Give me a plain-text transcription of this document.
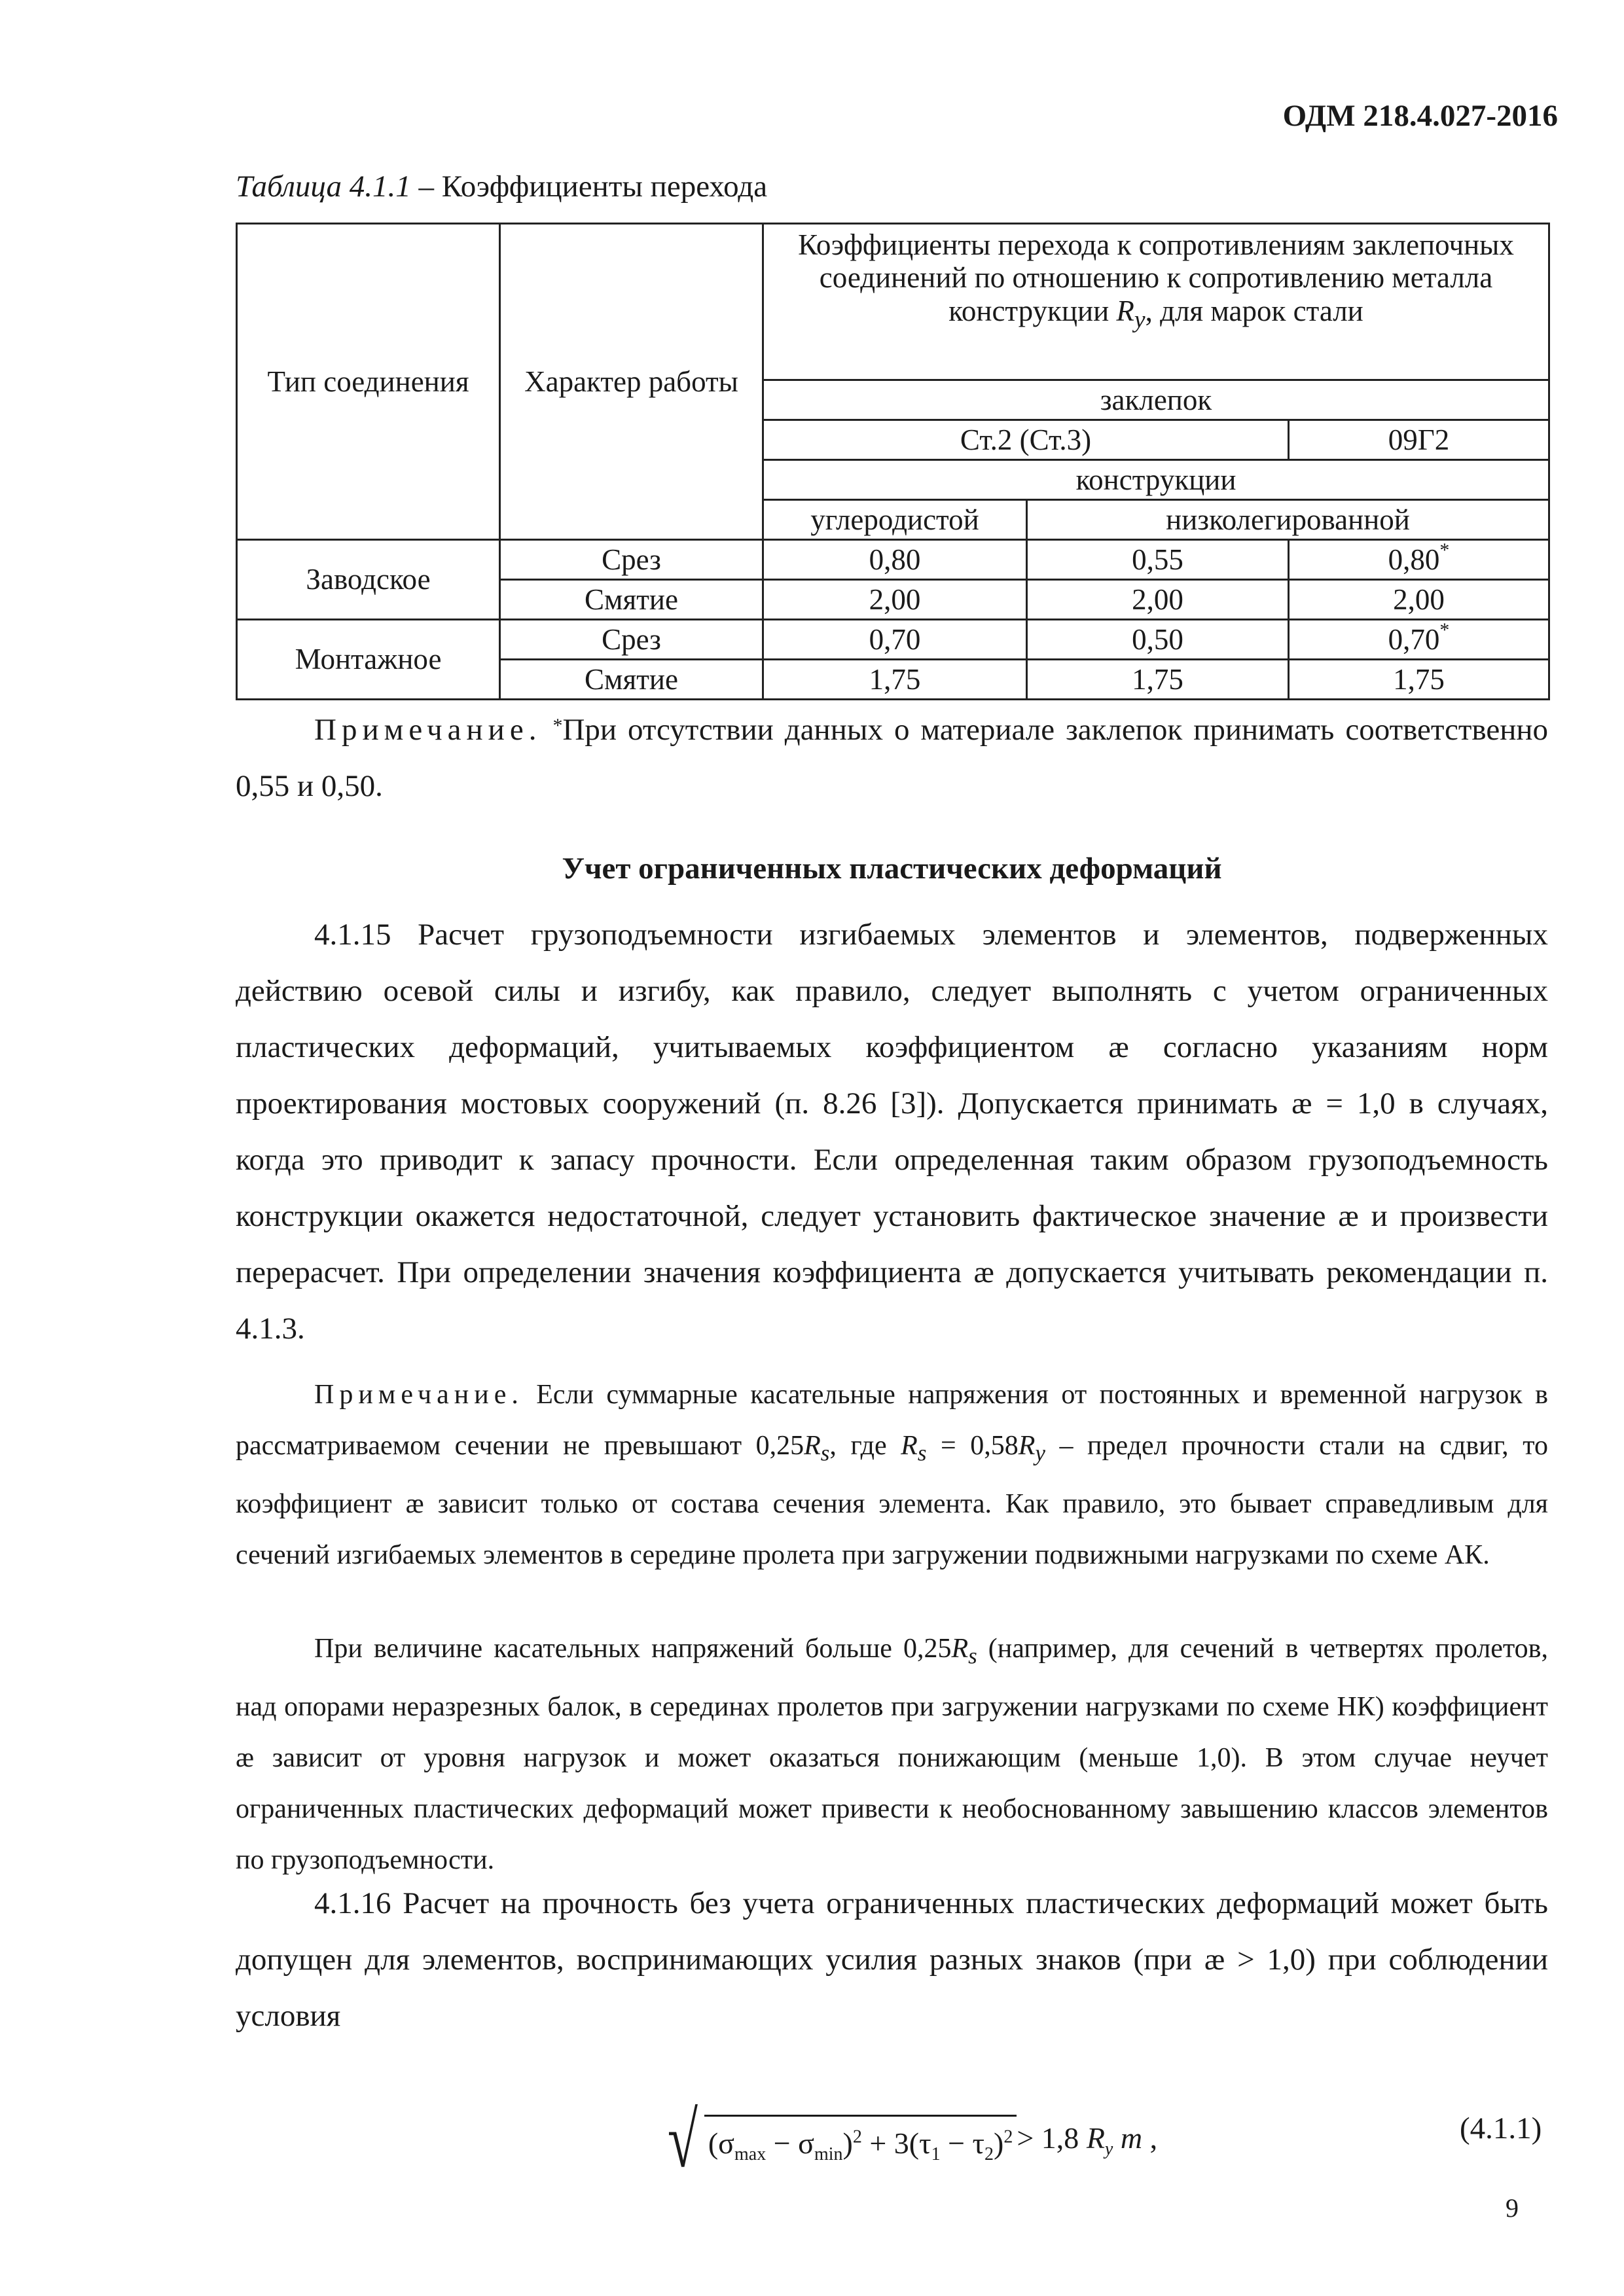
ОДМ 218.4.027-2016
Таблица 4.1.1 – Коэффициенты перехода
Тип соединения	Характер работы	Коэффициенты перехода к сопротивлениям заклепочных соединений по отношению к сопротивлению металла конструкции $R_y$, для марок стали		
		заклепок		
		Ст.2 (Ст.3)		09Г2
		конструкции		
		углеродистой	низколегированной	
Заводское	Срез	0,80	0,55	0,80*
	Смятие	2,00	2,00	2,00
Монтажное	Срез	0,70	0,50	0,70*
	Смятие	1,75	1,75	1,75
Примечание. *При отсутствии данных о материале заклепок принимать соответственно 0,55 и 0,50.
Учет ограниченных пластических деформаций
4.1.15 Расчет грузоподъемности изгибаемых элементов и элементов, подверженных действию осевой силы и изгибу, как правило, следует выполнять с учетом ограниченных пластических деформаций, учитываемых коэффициентом æ согласно указаниям норм проектирования мостовых сооружений (п. 8.26 [3]). Допускается принимать æ = 1,0 в случаях, когда это приводит к запасу прочности. Если определенная таким образом грузоподъемность конструкции окажется недостаточной, следует установить фактическое значение æ и произвести перерасчет. При определении значения коэффициента æ допускается учитывать рекомендации п. 4.1.3.
Примечание. Если суммарные касательные напряжения от постоянных и временной нагрузок в рассматриваемом сечении не превышают $0,25R_s$, где $R_s = 0,58R_y$ – предел прочности стали на сдвиг, то коэффициент æ зависит только от состава сечения элемента. Как правило, это бывает справедливым для сечений изгибаемых элементов в середине пролета при загружении подвижными нагрузками по схеме АК.
При величине касательных напряжений больше $0,25R_s$ (например, для сечений в четвертях пролетов, над опорами неразрезных балок, в серединах пролетов при загружении нагрузками по схеме НК) коэффициент æ зависит от уровня нагрузок и может оказаться понижающим (меньше 1,0). В этом случае неучет ограниченных пластических деформаций может привести к необоснованному завышению классов элементов по грузоподъемности.
4.1.16 Расчет на прочность без учета ограниченных пластических деформаций может быть допущен для элементов, воспринимающих усилия разных знаков (при æ > 1,0) при соблюдении условия
√ $(\sigma_{max} - \sigma_{min})^2 + 3(\tau_1 - \tau_2)^2 > 1,8$ $R_y$ m ,	(4.1.1)
9
